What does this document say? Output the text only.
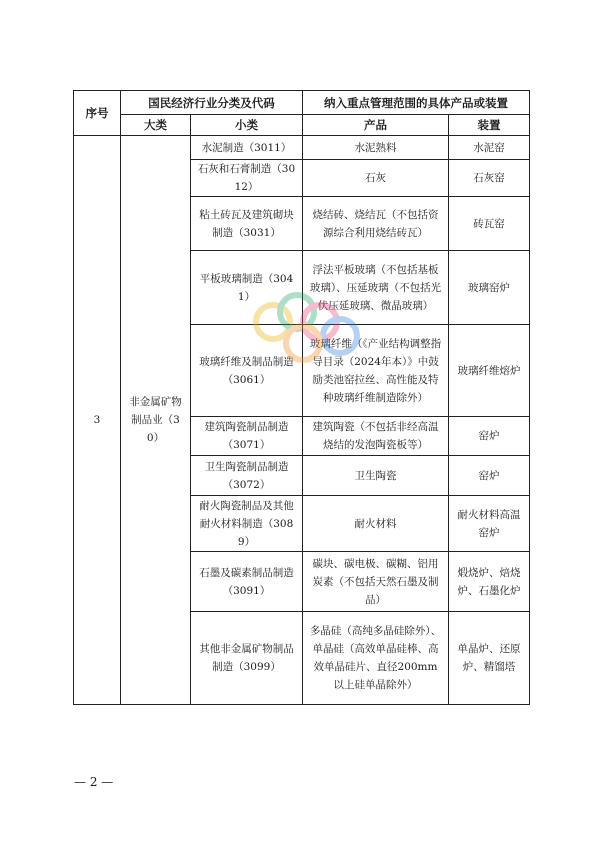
序号	国民经济行业分类及代码		纳入重点管理范围的具体产品或装置	
	大类	小类	产品	装置
3	非金属矿物制品业（30）	水泥制造（3011）	水泥熟料	水泥窑
		石灰和石膏制造（3012）	石灰	石灰窑
		粘土砖瓦及建筑砌块制造（3031）	烧结砖、烧结瓦（不包括资源综合利用烧结砖瓦）	砖瓦窑
		平板玻璃制造（3041）	浮法平板玻璃（不包括基板玻璃）、压延玻璃（不包括光伏压延玻璃、微晶玻璃）	玻璃窑炉
		玻璃纤维及制品制造（3061）	玻璃纤维（《产业结构调整指导目录（2024年本）》中鼓励类池窑拉丝、高性能及特种玻璃纤维制造除外）	玻璃纤维熔炉
		建筑陶瓷制品制造（3071）	建筑陶瓷（不包括非经高温烧结的发泡陶瓷板等）	窑炉
		卫生陶瓷制品制造（3072）	卫生陶瓷	窑炉
		耐火陶瓷制品及其他耐火材料制造（3089）	耐火材料	耐火材料高温窑炉
		石墨及碳素制品制造（3091）	碳块、碳电极、碳糊、铝用炭素（不包括天然石墨及制品）	煅烧炉、焙烧炉、石墨化炉
		其他非金属矿物制品制造（3099）	多晶硅（高纯多晶硅除外）、单晶硅（高效单晶硅棒、高效单晶硅片、直径200mm以上硅单晶除外）	单晶炉、还原炉、精馏塔
— 2 —
